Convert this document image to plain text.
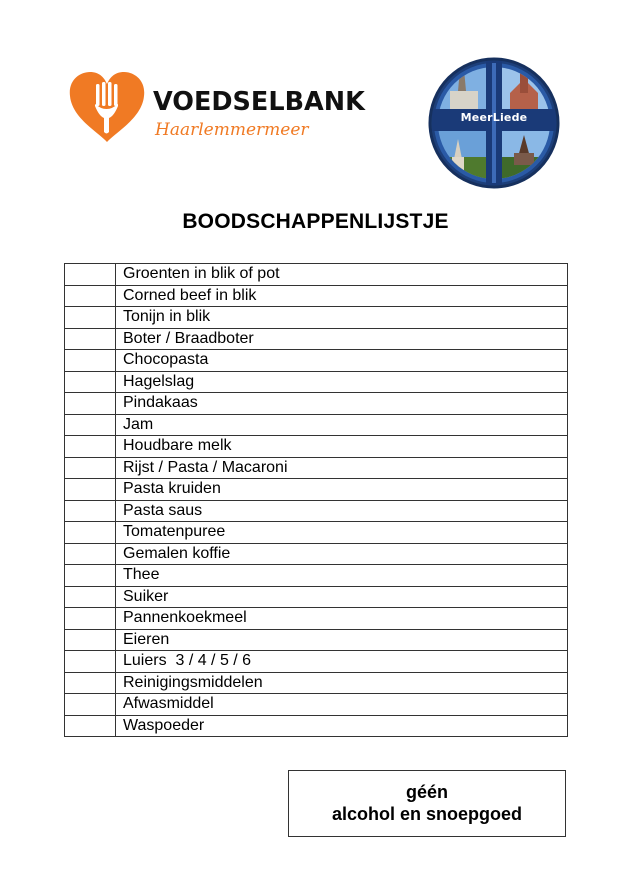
VOEDSELBANK
Haarlemmermeer
MeerLiede
BOODSCHAPPENLIJSTJE
	Groenten in blik of pot
	Corned beef in blik
	Tonijn in blik
	Boter / Braadboter
	Chocopasta
	Hagelslag
	Pindakaas
	Jam
	Houdbare melk
	Rijst / Pasta / Macaroni
	Pasta kruiden
	Pasta saus
	Tomatenpuree
	Gemalen koffie
	Thee
	Suiker
	Pannenkoekmeel
	Eieren
	Luiers  3 / 4 / 5 / 6
	Reinigingsmiddelen
	Afwasmiddel
	Waspoeder
géén
alcohol en snoepgoed
